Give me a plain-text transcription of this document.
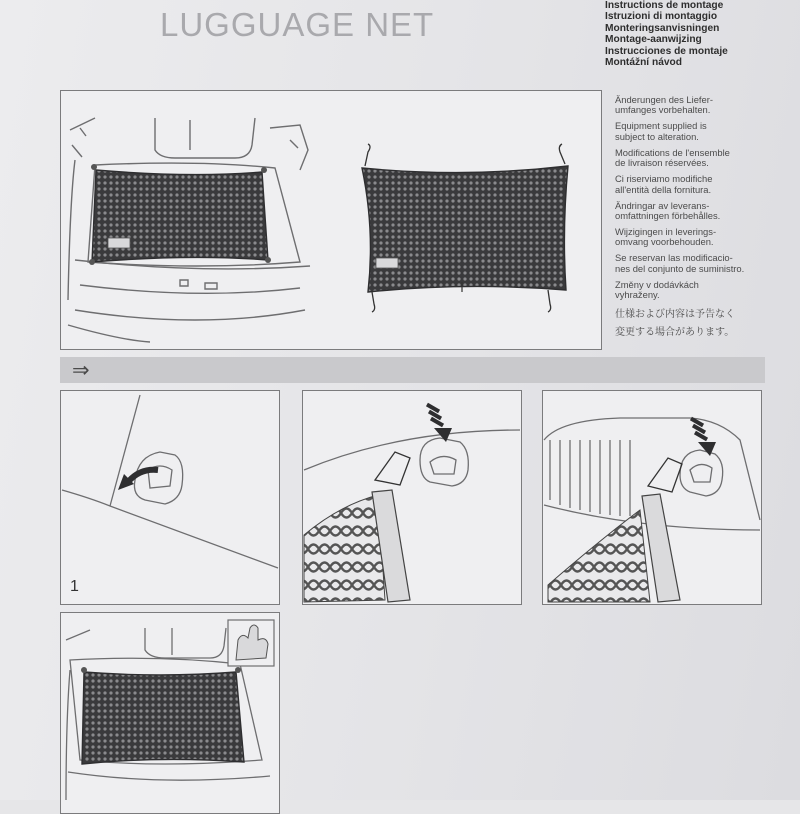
LUGGUAGE NET
Instructions de montage
Istruzioni di montaggio
Monteringsanvisningen
Montage-aanwijzing
Instrucciones de montaje
Montážní návod
Änderungen des Liefer-
umfanges vorbehalten.
Equipment supplied is
subject to alteration.
Modifications de l'ensemble
de livraison réservées.
Ci riserviamo modifiche
all'entità della fornitura.
Ändringar av leverans-
omfattningen förbehålles.
Wijzigingen in leverings-
omvang voorbehouden.
Se reservan las modificacio-
nes del conjunto de suministro.
Změny v dodávkách
vyhraženy.
仕様および内容は予告なく
変更する場合があります。
⇒
1
